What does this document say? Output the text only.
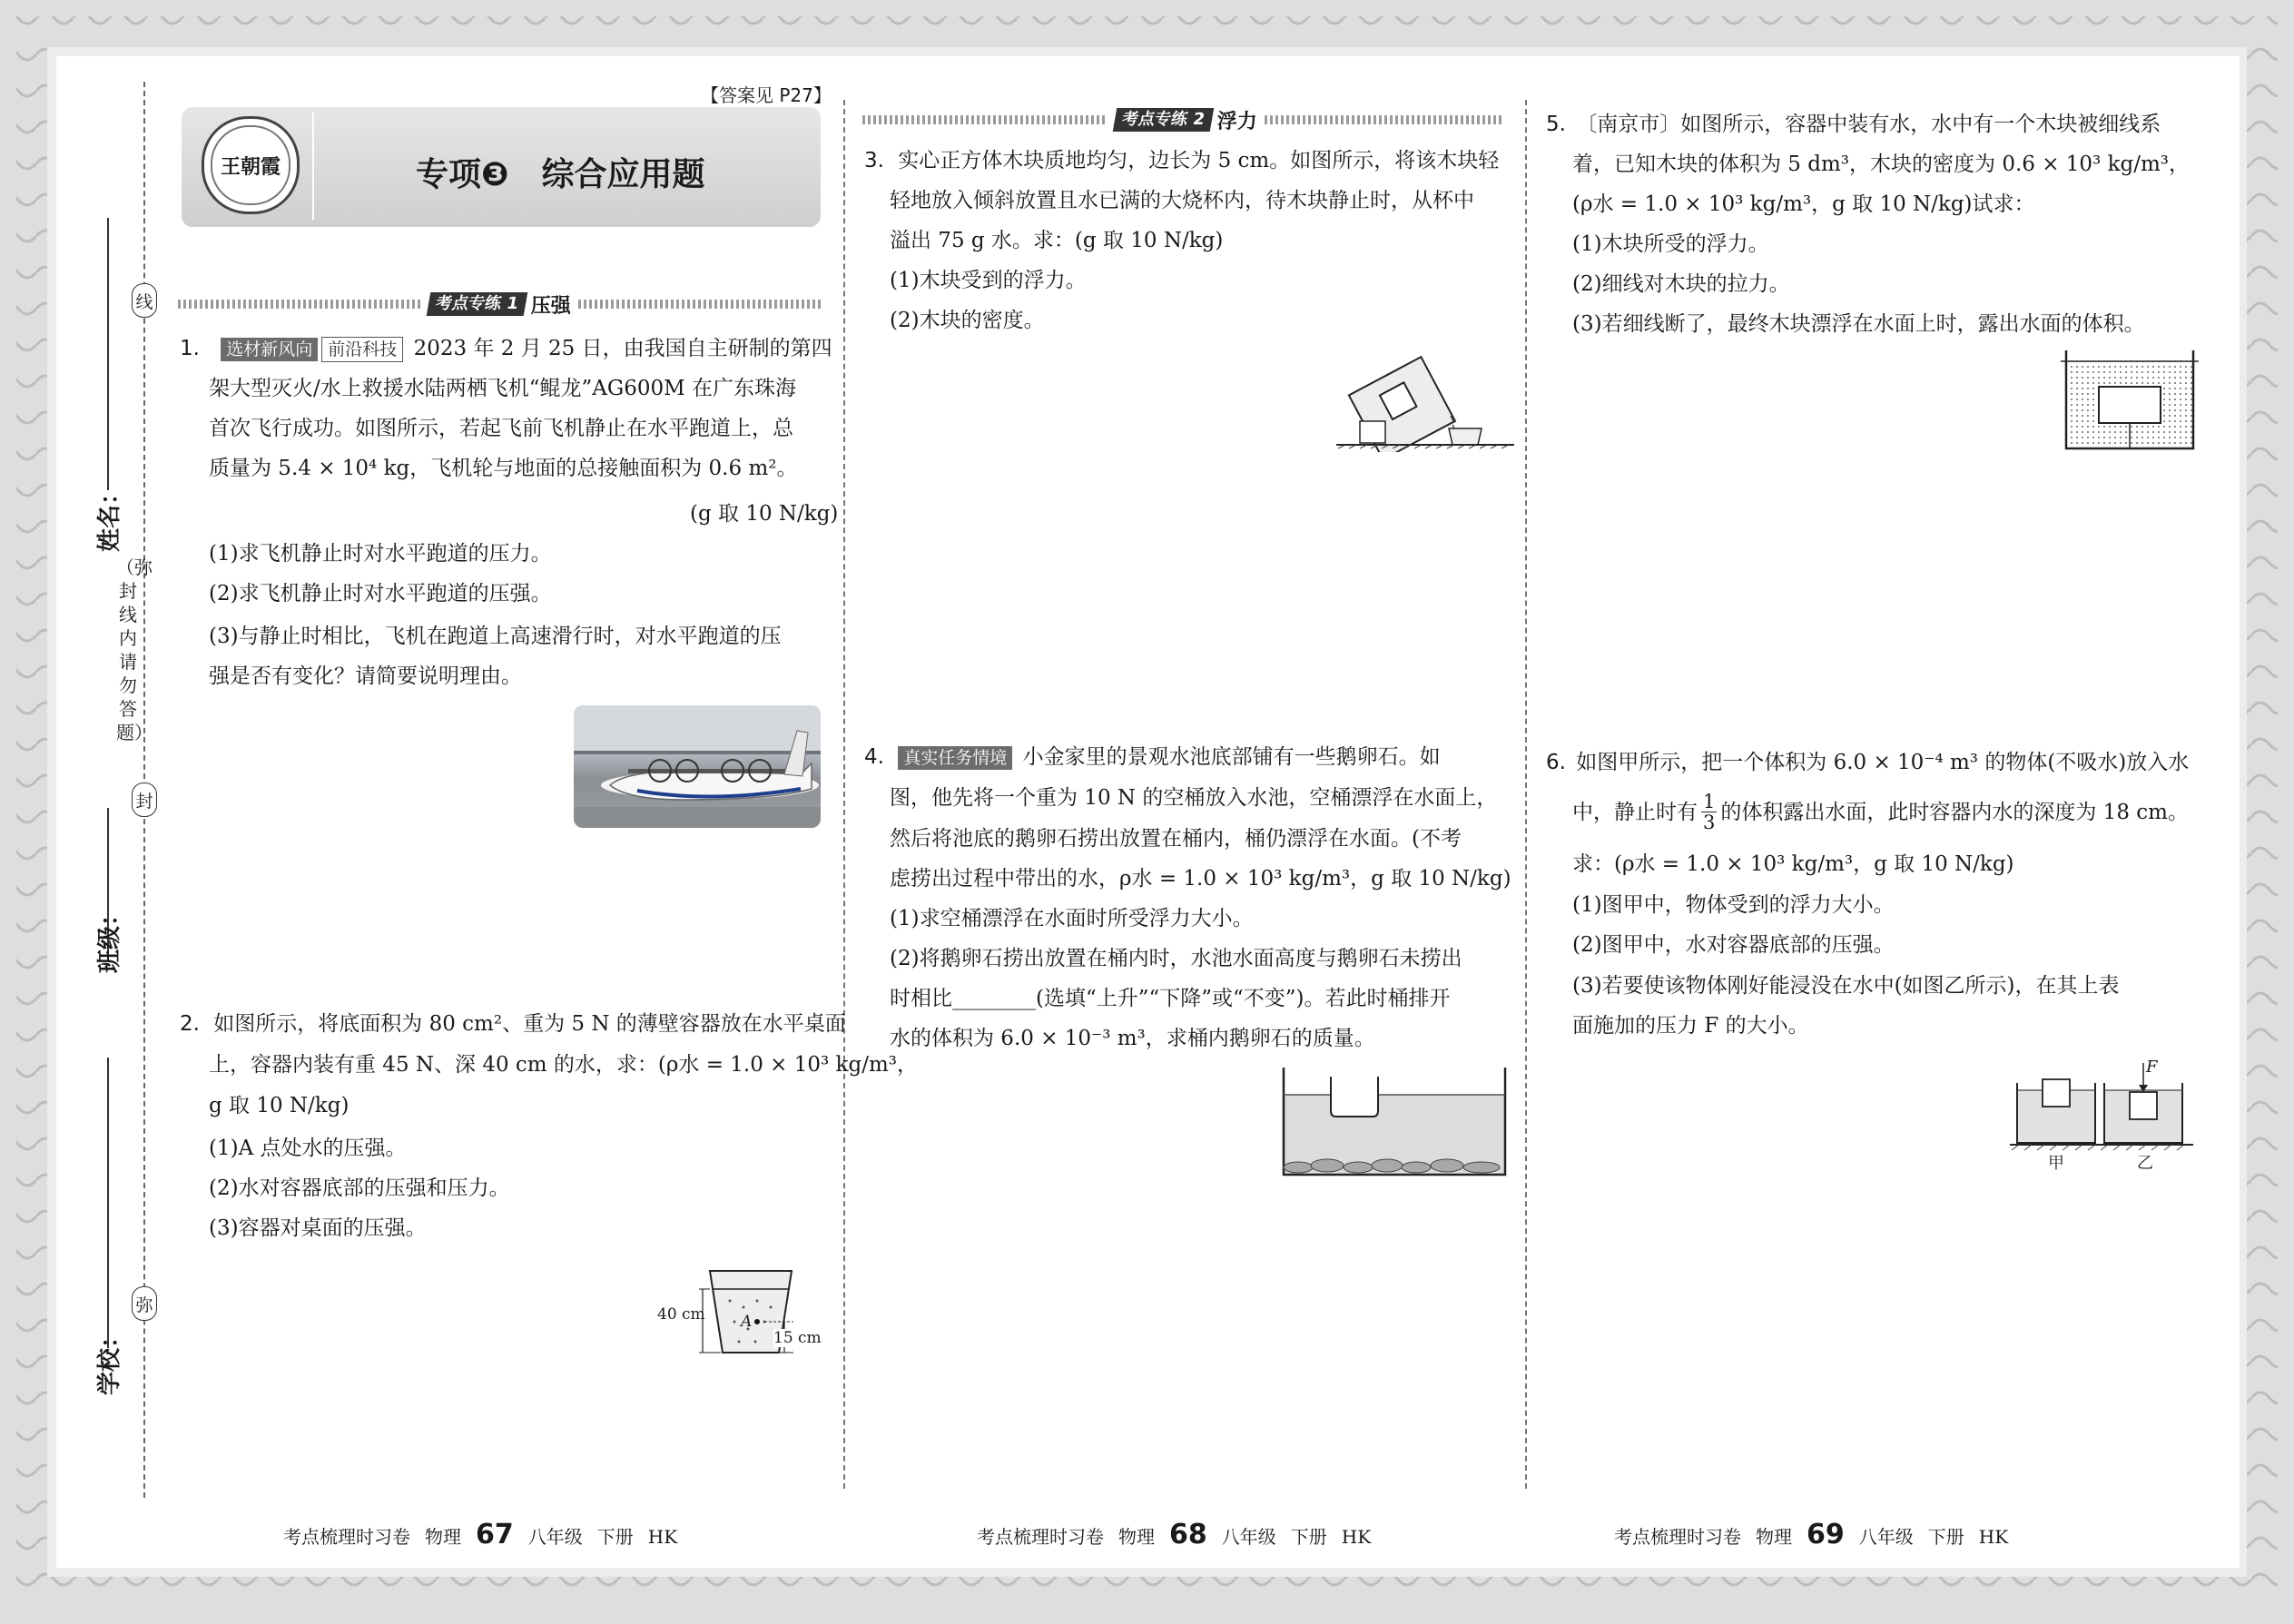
姓名：
班级：
学校：
线
封
弥
（弥封线内请勿答题）
【答案见 P27】
王朝霞	专项❸　综合应用题
考点专练 1 压强
1. 选材新风向 前沿科技 2023 年 2 月 25 日，由我国自主研制的第四
架大型灭火/水上救援水陆两栖飞机“鲲龙”AG600M 在广东珠海
首次飞行成功。如图所示，若起飞前飞机静止在水平跑道上，总
质量为 5.4 × 10⁴ kg，飞机轮与地面的总接触面积为 0.6 m²。
(g 取 10 N/kg)
(1)求飞机静止时对水平跑道的压力。
(2)求飞机静止时对水平跑道的压强。
(3)与静止时相比，飞机在跑道上高速滑行时，对水平跑道的压
强是否有变化？请简要说明理由。
2. 如图所示，将底面积为 80 cm²、重为 5 N 的薄壁容器放在水平桌面
上，容器内装有重 45 N、深 40 cm 的水，求：(ρ水 = 1.0 × 10³ kg/m³，
g 取 10 N/kg)
(1)A 点处水的压强。
(2)水对容器底部的压强和压力。
(3)容器对桌面的压强。
40 cm A
15 cm
考点专练 2 浮力
3. 实心正方体木块质地均匀，边长为 5 cm。如图所示，将该木块轻
轻地放入倾斜放置且水已满的大烧杯内，待木块静止时，从杯中
溢出 75 g 水。求：(g 取 10 N/kg)
(1)木块受到的浮力。
(2)木块的密度。
4. 真实任务情境 小金家里的景观水池底部铺有一些鹅卵石。如
图，他先将一个重为 10 N 的空桶放入水池，空桶漂浮在水面上，
然后将池底的鹅卵石捞出放置在桶内，桶仍漂浮在水面。(不考
虑捞出过程中带出的水，ρ水 = 1.0 × 10³ kg/m³，g 取 10 N/kg)
(1)求空桶漂浮在水面时所受浮力大小。
(2)将鹅卵石捞出放置在桶内时，水池水面高度与鹅卵石未捞出
时相比________(选填“上升”“下降”或“不变”)。若此时桶排开
水的体积为 6.0 × 10⁻³ m³，求桶内鹅卵石的质量。
5. 〔南京市〕如图所示，容器中装有水，水中有一个木块被细线系
着，已知木块的体积为 5 dm³，木块的密度为 0.6 × 10³ kg/m³，
(ρ水 = 1.0 × 10³ kg/m³，g 取 10 N/kg)试求：
(1)木块所受的浮力。
(2)细线对木块的拉力。
(3)若细线断了，最终木块漂浮在水面上时，露出水面的体积。
6. 如图甲所示，把一个体积为 6.0 × 10⁻⁴ m³ 的物体(不吸水)放入水
中，静止时有 $\frac{1}{3}$ 的体积露出水面，此时容器内水的深度为 18 cm。
求：(ρ水 = 1.0 × 10³ kg/m³，g 取 10 N/kg)
(1)图甲中，物体受到的浮力大小。
(2)图甲中，水对容器底部的压强。
(3)若要使该物体刚好能浸没在水中(如图乙所示)，在其上表
面施加的压力 F 的大小。
F
甲	乙
考点梳理时习卷 物理 67 八年级 下册 HK	考点梳理时习卷 物理 68 八年级 下册 HK	考点梳理时习卷 物理 69 八年级 下册 HK
